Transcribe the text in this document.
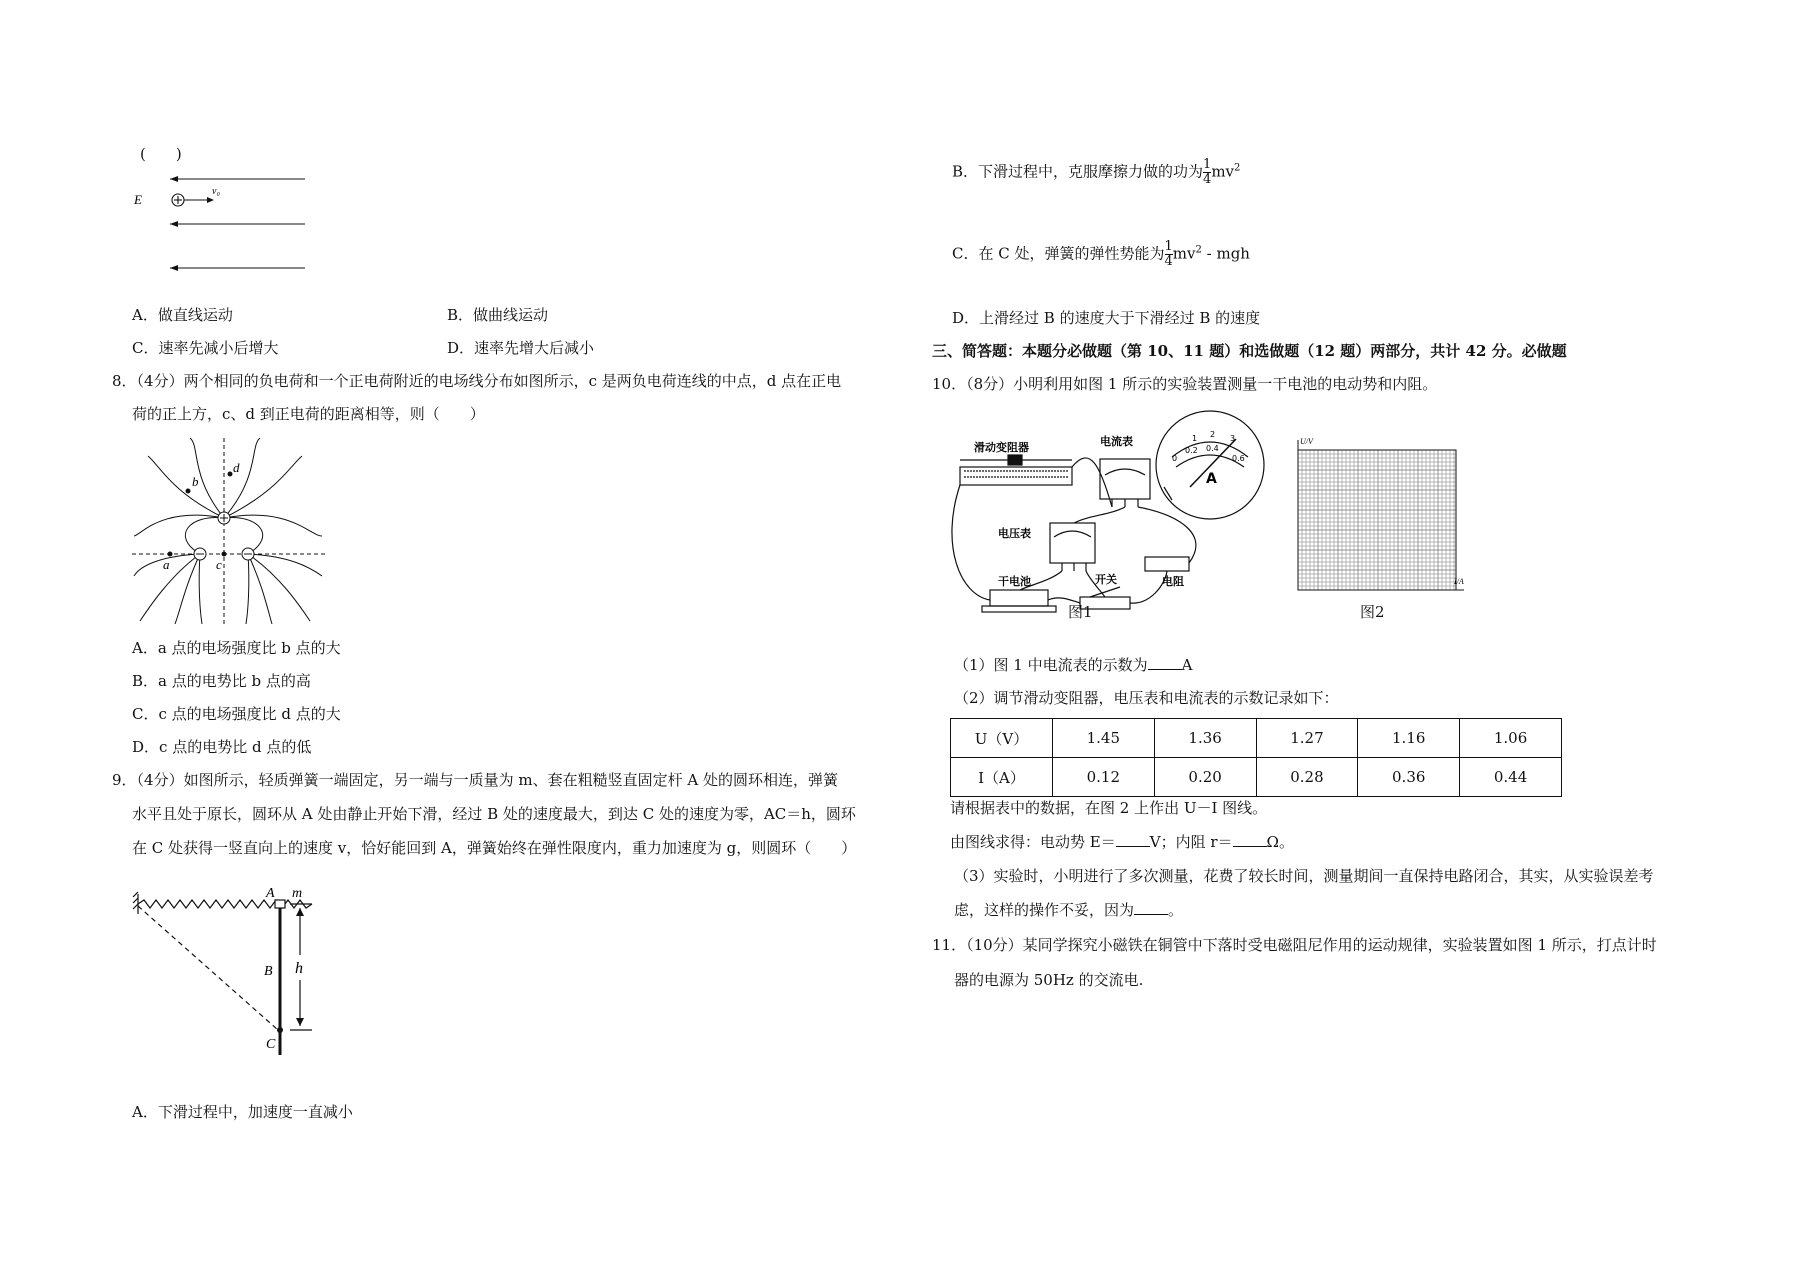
(　　)
E
v₀
A．做直线运动	B．做曲线运动
C．速率先减小后增大	D．速率先增大后减小
8．（4分）两个相同的负电荷和一个正电荷附近的电场线分布如图所示，c 是两负电荷连线的中点，d 点在正电
荷的正上方，c、d 到正电荷的距离相等，则（　　）
d
b
a	c
A．a 点的电场强度比 b 点的大
B．a 点的电势比 b 点的高
C．c 点的电场强度比 d 点的大
D．c 点的电势比 d 点的低
9．（4分）如图所示，轻质弹簧一端固定，另一端与一质量为 m、套在粗糙竖直固定杆 A 处的圆环相连，弹簧
水平且处于原长，圆环从 A 处由静止开始下滑，经过 B 处的速度最大，到达 C 处的速度为零，AC＝h，圆环
在 C 处获得一竖直向上的速度 v，恰好能回到 A，弹簧始终在弹性限度内，重力加速度为 g，则圆环（　　）
A m
B h
C
A．下滑过程中，加速度一直减小
B．下滑过程中，克服摩擦力做的功为 $\frac{1}{4} mv^2$
C．在 C 处，弹簧的弹性势能为 $\frac{1}{4} mv^2$ - mgh
D．上滑经过 B 的速度大于下滑经过 B 的速度
三、简答题：本题分必做题（第 10、11 题）和选做题（12 题）两部分，共计 42 分。必做题
10．（8分）小明利用如图 1 所示的实验装置测量一干电池的电动势和内阻。
滑动变阻器	电流表
电压表
干电池	开关	电阻
A
0
0.2 0.4
0.6
1 2 3
图1
U/V
I/A
图2
（1）图 1 中电流表的示数为 A
（2）调节滑动变阻器，电压表和电流表的示数记录如下：
U（V）	1.45	1.36	1.27	1.16	1.06
I（A）	0.12	0.20	0.28	0.36	0.44
请根据表中的数据，在图 2 上作出 U－I 图线。
由图线求得：电动势 E＝ V；内阻 r＝ Ω。
（3）实验时，小明进行了多次测量，花费了较长时间，测量期间一直保持电路闭合，其实，从实验误差考
虑，这样的操作不妥，因为 。
11．（10分）某同学探究小磁铁在铜管中下落时受电磁阻尼作用的运动规律，实验装置如图 1 所示，打点计时
器的电源为 50Hz 的交流电.
